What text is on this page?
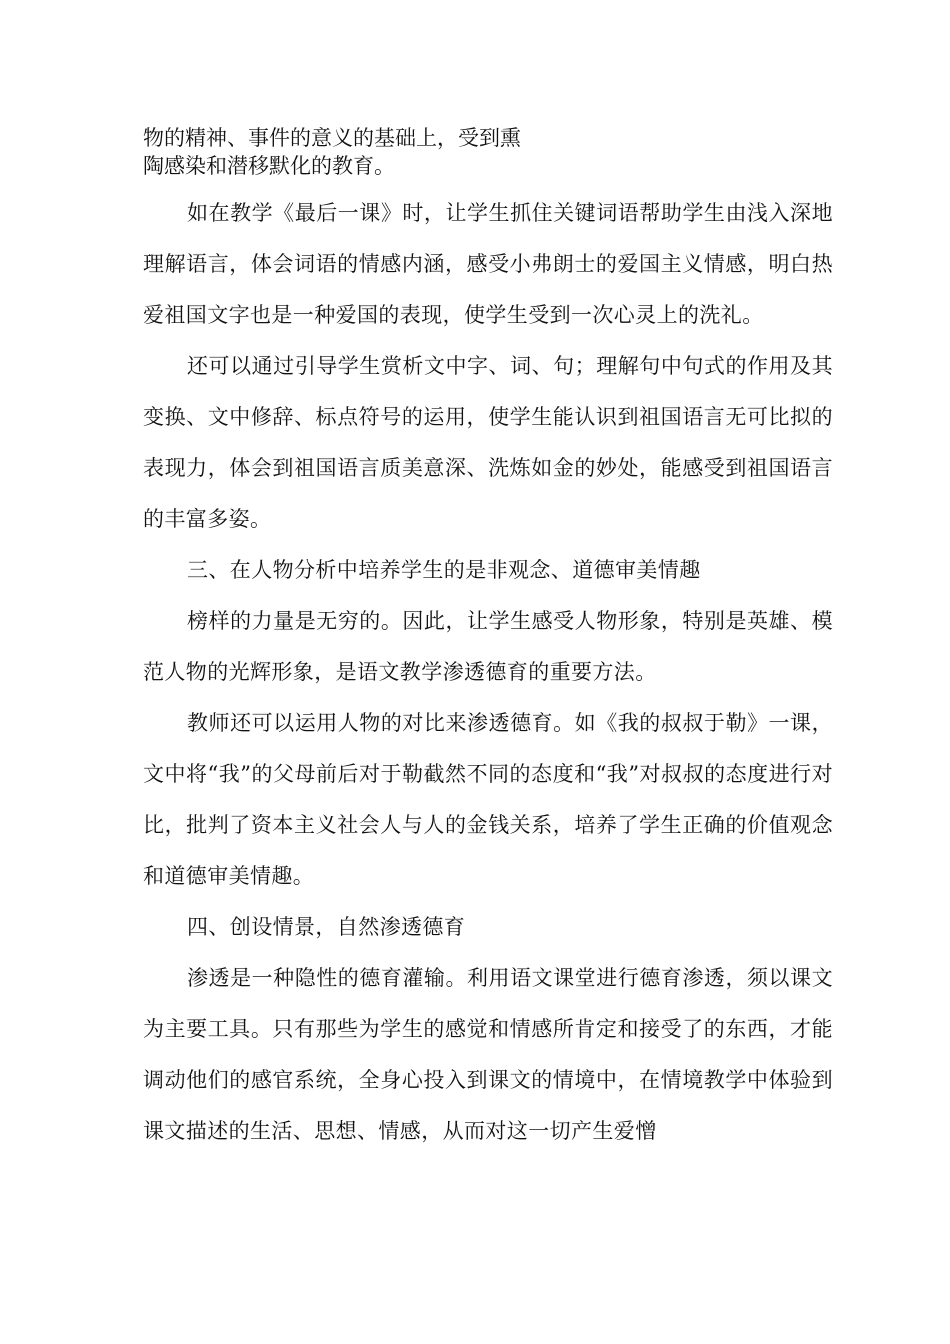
物的精神、事件的意义的基础上，受到熏

陶感染和潜移默化的教育。

如在教学《最后一课》时，让学生抓住关键词语帮助学生由浅入深地理解语言，体会词语的情感内涵，感受小弗朗士的爱国主义情感，明白热爱祖国文字也是一种爱国的表现，使学生受到一次心灵上的洗礼。

还可以通过引导学生赏析文中字、词、句；理解句中句式的作用及其变换、文中修辞、标点符号的运用，使学生能认识到祖国语言无可比拟的表现力，体会到祖国语言质美意深、洗炼如金的妙处，能感受到祖国语言的丰富多姿。

三、在人物分析中培养学生的是非观念、道德审美情趣

榜样的力量是无穷的。因此，让学生感受人物形象，特别是英雄、模范人物的光辉形象，是语文教学渗透德育的重要方法。

教师还可以运用人物的对比来渗透德育。如《我的叔叔于勒》一课，文中将“我”的父母前后对于勒截然不同的态度和“我”对叔叔的态度进行对比，批判了资本主义社会人与人的金钱关系，培养了学生正确的价值观念和道德审美情趣。

四、创设情景，自然渗透德育

渗透是一种隐性的德育灌输。利用语文课堂进行德育渗透，须以课文为主要工具。只有那些为学生的感觉和情感所肯定和接受了的东西，才能调动他们的感官系统，全身心投入到课文的情境中，在情境教学中体验到课文描述的生活、思想、情感，从而对这一切产生爱憎
